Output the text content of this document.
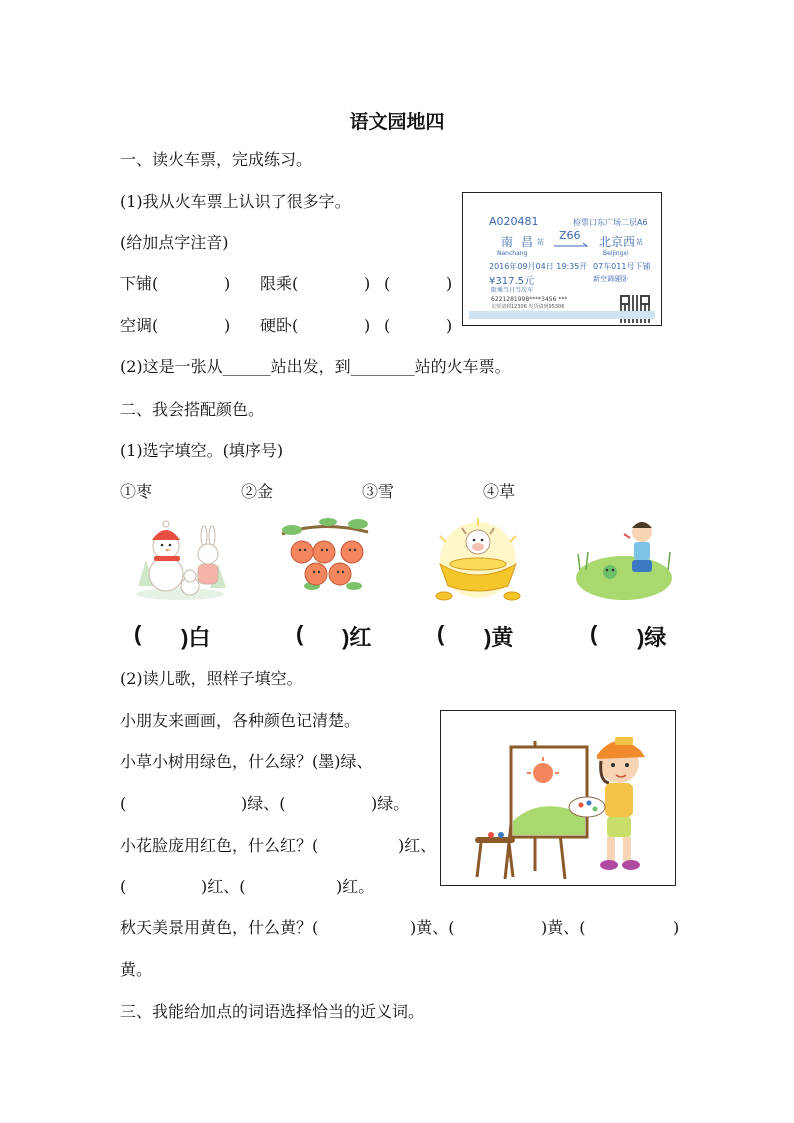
语文园地四
一、读火车票，完成练习。
(1)我从火车票上认识了很多字。
(给加点字注音)
下铺(	) 限乘(	) (	)
空调(	) 硬卧(	) (	)
(2)这是一张从______站出发，到________站的火车票。
A020481	检票口东广场二层A6
南 昌 站 Z66 北京西 站
Nanchang	Beijingxi
2016年09月04日 19:35开 07车011号下铺
¥317.5元	新空调硬卧
限乘当日当次车
6221281998****3456 ***
买票请到12306 发货请到95306
二、我会搭配颜色。
(1)选字填空。(填序号)
①枣	②金	③雪	④草
( )白	( )红	( )黄	( )绿
(2)读儿歌，照样子填空。
小朋友来画画，各种颜色记清楚。
小草小树用绿色，什么绿？(墨)绿、
(	)绿、(	)绿。
小花脸庞用红色，什么红？(	)红、
(	)红、(	)红。
秋天美景用黄色，什么黄？(	)黄、(	)黄、(	)
黄。
三、我能给加点的词语选择恰当的近义词。
